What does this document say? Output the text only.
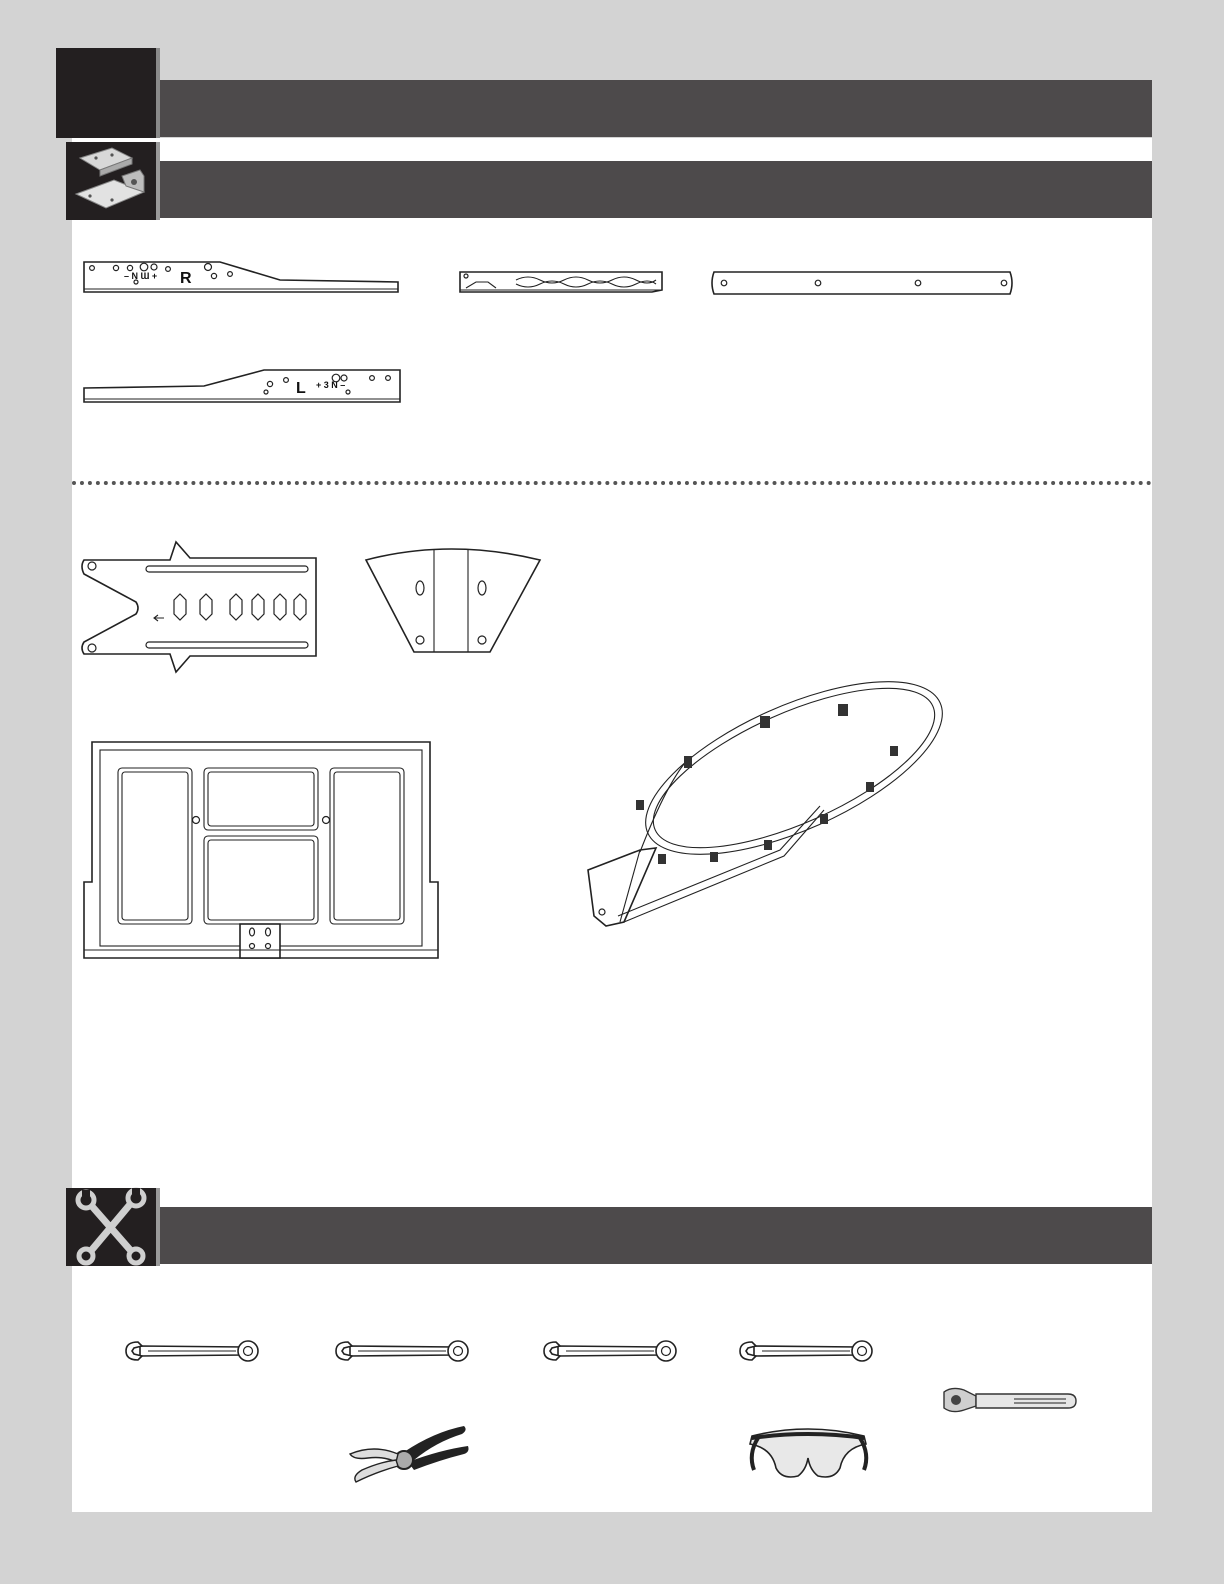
R
– N Ɯ +
L + 3 N –
